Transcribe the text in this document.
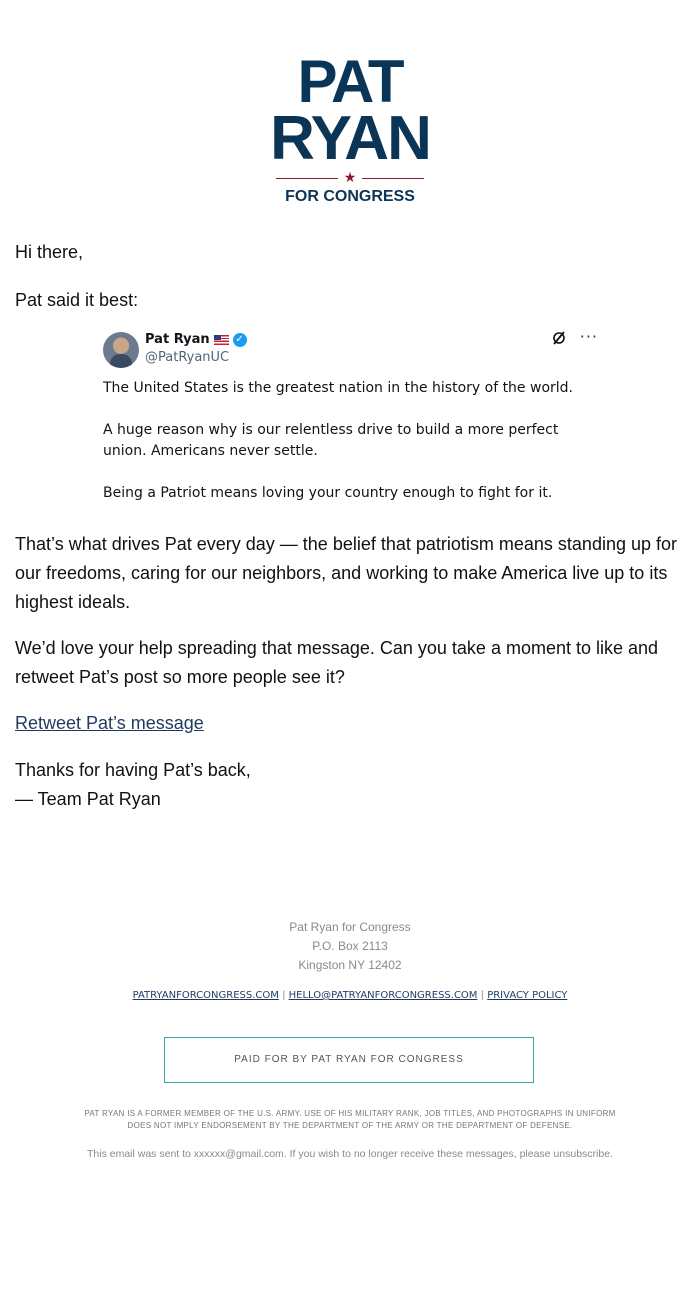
PAT
RYAN
★
FOR CONGRESS

Hi there,

Pat said it best:

Pat Ryan	✓
@PatRyanUC
···

The United States is the greatest nation in the history of the world.

A huge reason why is our relentless drive to build a more perfect union. Americans never settle.

Being a Patriot means loving your country enough to fight for it.

That’s what drives Pat every day — the belief that patriotism means standing up for our freedoms, caring for our neighbors, and working to make America live up to its highest ideals.

We’d love your help spreading that message. Can you take a moment to like and retweet Pat’s post so more people see it?

Retweet Pat’s message

Thanks for having Pat’s back,

— Team Pat Ryan

Pat Ryan for Congress
P.O. Box 2113
Kingston NY 12402
PATRYANFORCONGRESS.COM | HELLO@PATRYANFORCONGRESS.COM | PRIVACY POLICY
PAID FOR BY PAT RYAN FOR CONGRESS
PAT RYAN IS A FORMER MEMBER OF THE U.S. ARMY. USE OF HIS MILITARY RANK, JOB TITLES, AND PHOTOGRAPHS IN UNIFORM DOES NOT IMPLY ENDORSEMENT BY THE DEPARTMENT OF THE ARMY OR THE DEPARTMENT OF DEFENSE.
This email was sent to xxxxxx@gmail.com. If you wish to no longer receive these messages, please unsubscribe.
